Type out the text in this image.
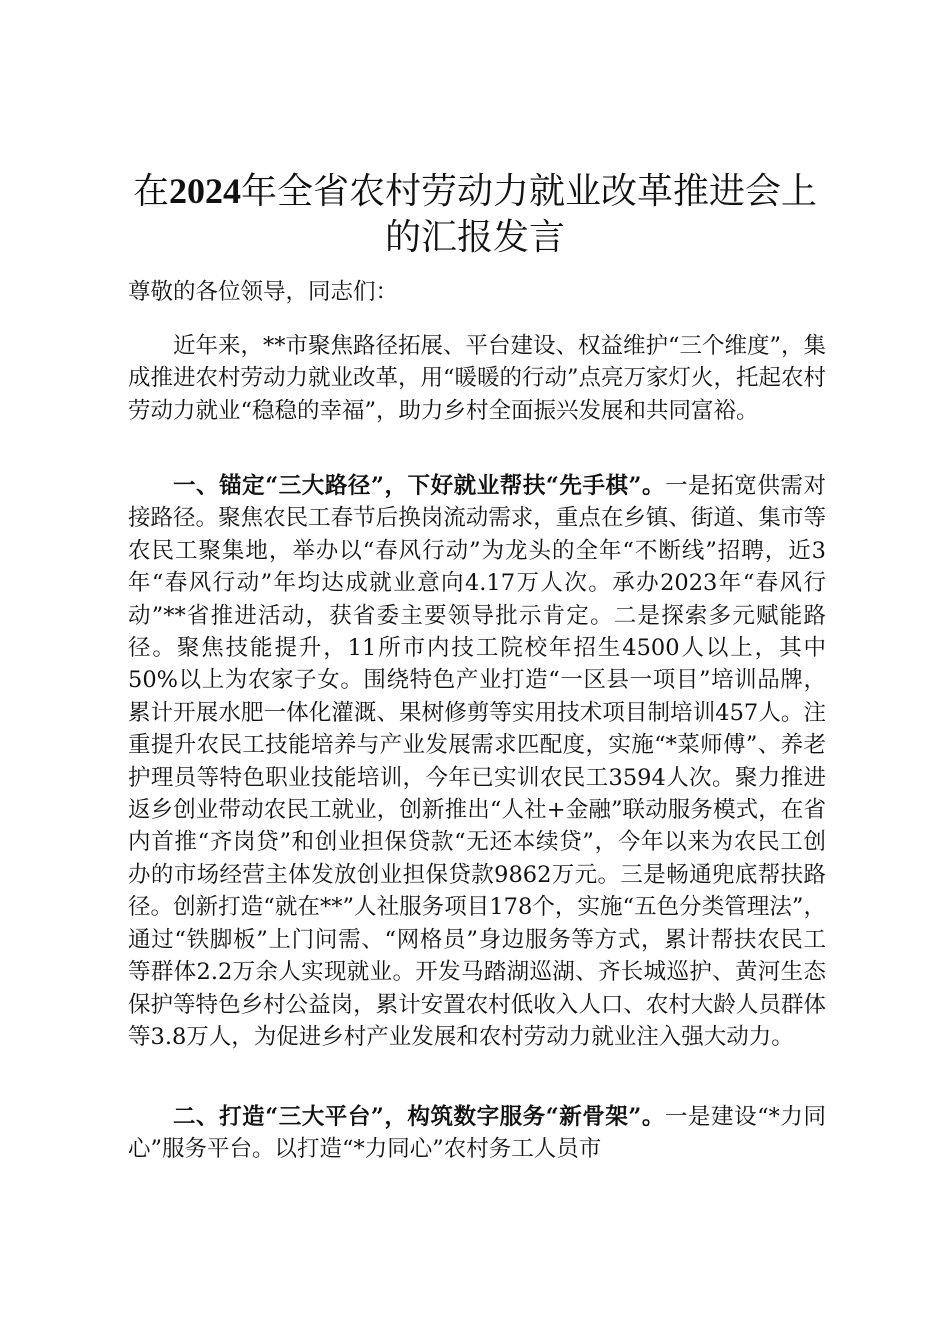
在2024年全省农村劳动力就业改革推进会上的汇报发言

尊敬的各位领导，同志们：

近年来，**市聚焦路径拓展、平台建设、权益维护“三个维度”，集成推进农村劳动力就业改革，用“暖暖的行动”点亮万家灯火，托起农村劳动力就业“稳稳的幸福”，助力乡村全面振兴发展和共同富裕。

一、锚定“三大路径”，下好就业帮扶“先手棋”。一是拓宽供需对接路径。聚焦农民工春节后换岗流动需求，重点在乡镇、街道、集市等农民工聚集地，举办以“春风行动”为龙头的全年“不断线”招聘，近3年“春风行动”年均达成就业意向4.17万人次。承办2023年“春风行动”**省推进活动，获省委主要领导批示肯定。二是探索多元赋能路径。聚焦技能提升，11所市内技工院校年招生4500人以上，其中50%以上为农家子女。围绕特色产业打造“一区县一项目”培训品牌，累计开展水肥一体化灌溉、果树修剪等实用技术项目制培训457人。注重提升农民工技能培养与产业发展需求匹配度，实施“*菜师傅”、养老护理员等特色职业技能培训，今年已实训农民工3594人次。聚力推进返乡创业带动农民工就业，创新推出“人社+金融”联动服务模式，在省内首推“齐岗贷”和创业担保贷款“无还本续贷”，今年以来为农民工创办的市场经营主体发放创业担保贷款9862万元。三是畅通兜底帮扶路径。创新打造“就在**”人社服务项目178个，实施“五色分类管理法”，通过“铁脚板”上门问需、“网格员”身边服务等方式，累计帮扶农民工等群体2.2万余人实现就业。开发马踏湖巡湖、齐长城巡护、黄河生态保护等特色乡村公益岗，累计安置农村低收入人口、农村大龄人员群体等3.8万人，为促进乡村产业发展和农村劳动力就业注入强大动力。

二、打造“三大平台”，构筑数字服务“新骨架”。一是建设“*力同心”服务平台。以打造“*力同心”农村务工人员市
